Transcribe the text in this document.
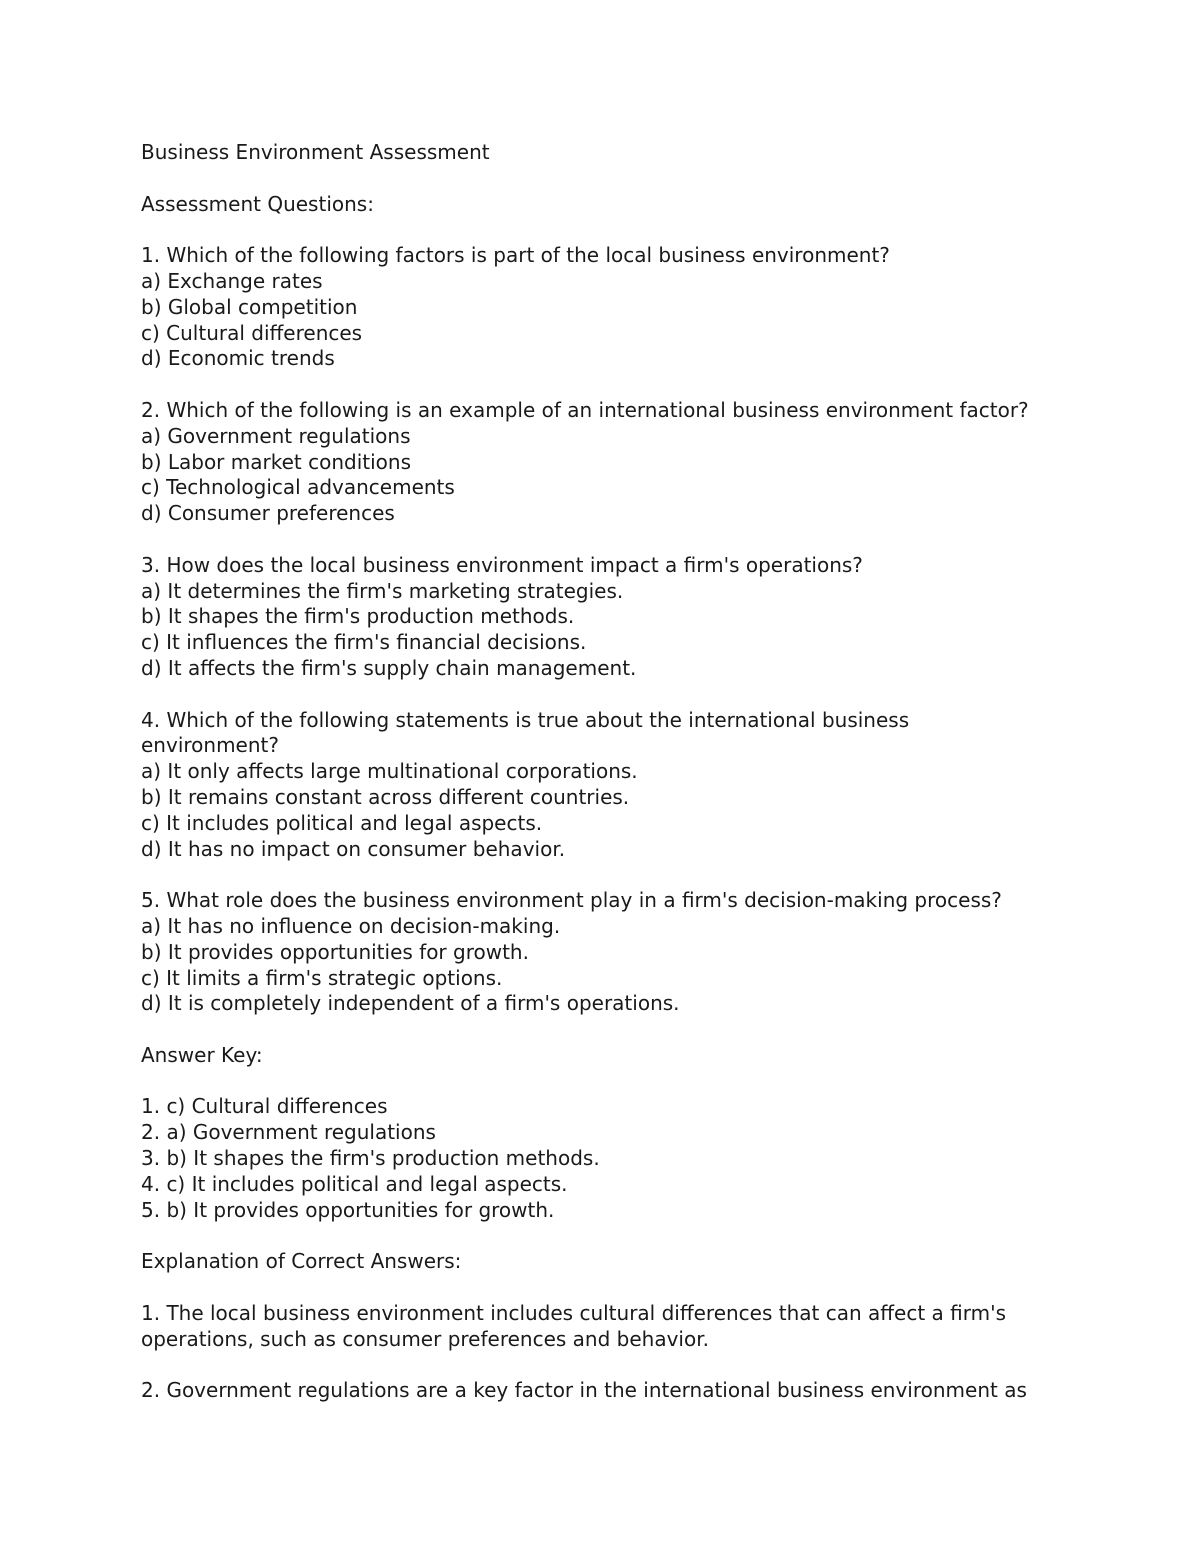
Business Environment Assessment

Assessment Questions:

1. Which of the following factors is part of the local business environment?

a) Exchange rates

b) Global competition

c) Cultural differences

d) Economic trends

2. Which of the following is an example of an international business environment factor?

a) Government regulations

b) Labor market conditions

c) Technological advancements

d) Consumer preferences

3. How does the local business environment impact a firm's operations?

a) It determines the firm's marketing strategies.

b) It shapes the firm's production methods.

c) It influences the firm's financial decisions.

d) It affects the firm's supply chain management.

4. Which of the following statements is true about the international business

environment?

a) It only affects large multinational corporations.

b) It remains constant across different countries.

c) It includes political and legal aspects.

d) It has no impact on consumer behavior.

5. What role does the business environment play in a firm's decision-making process?

a) It has no influence on decision-making.

b) It provides opportunities for growth.

c) It limits a firm's strategic options.

d) It is completely independent of a firm's operations.

Answer Key:

1. c) Cultural differences

2. a) Government regulations

3. b) It shapes the firm's production methods.

4. c) It includes political and legal aspects.

5. b) It provides opportunities for growth.

Explanation of Correct Answers:

1. The local business environment includes cultural differences that can affect a firm's

operations, such as consumer preferences and behavior.

2. Government regulations are a key factor in the international business environment as
